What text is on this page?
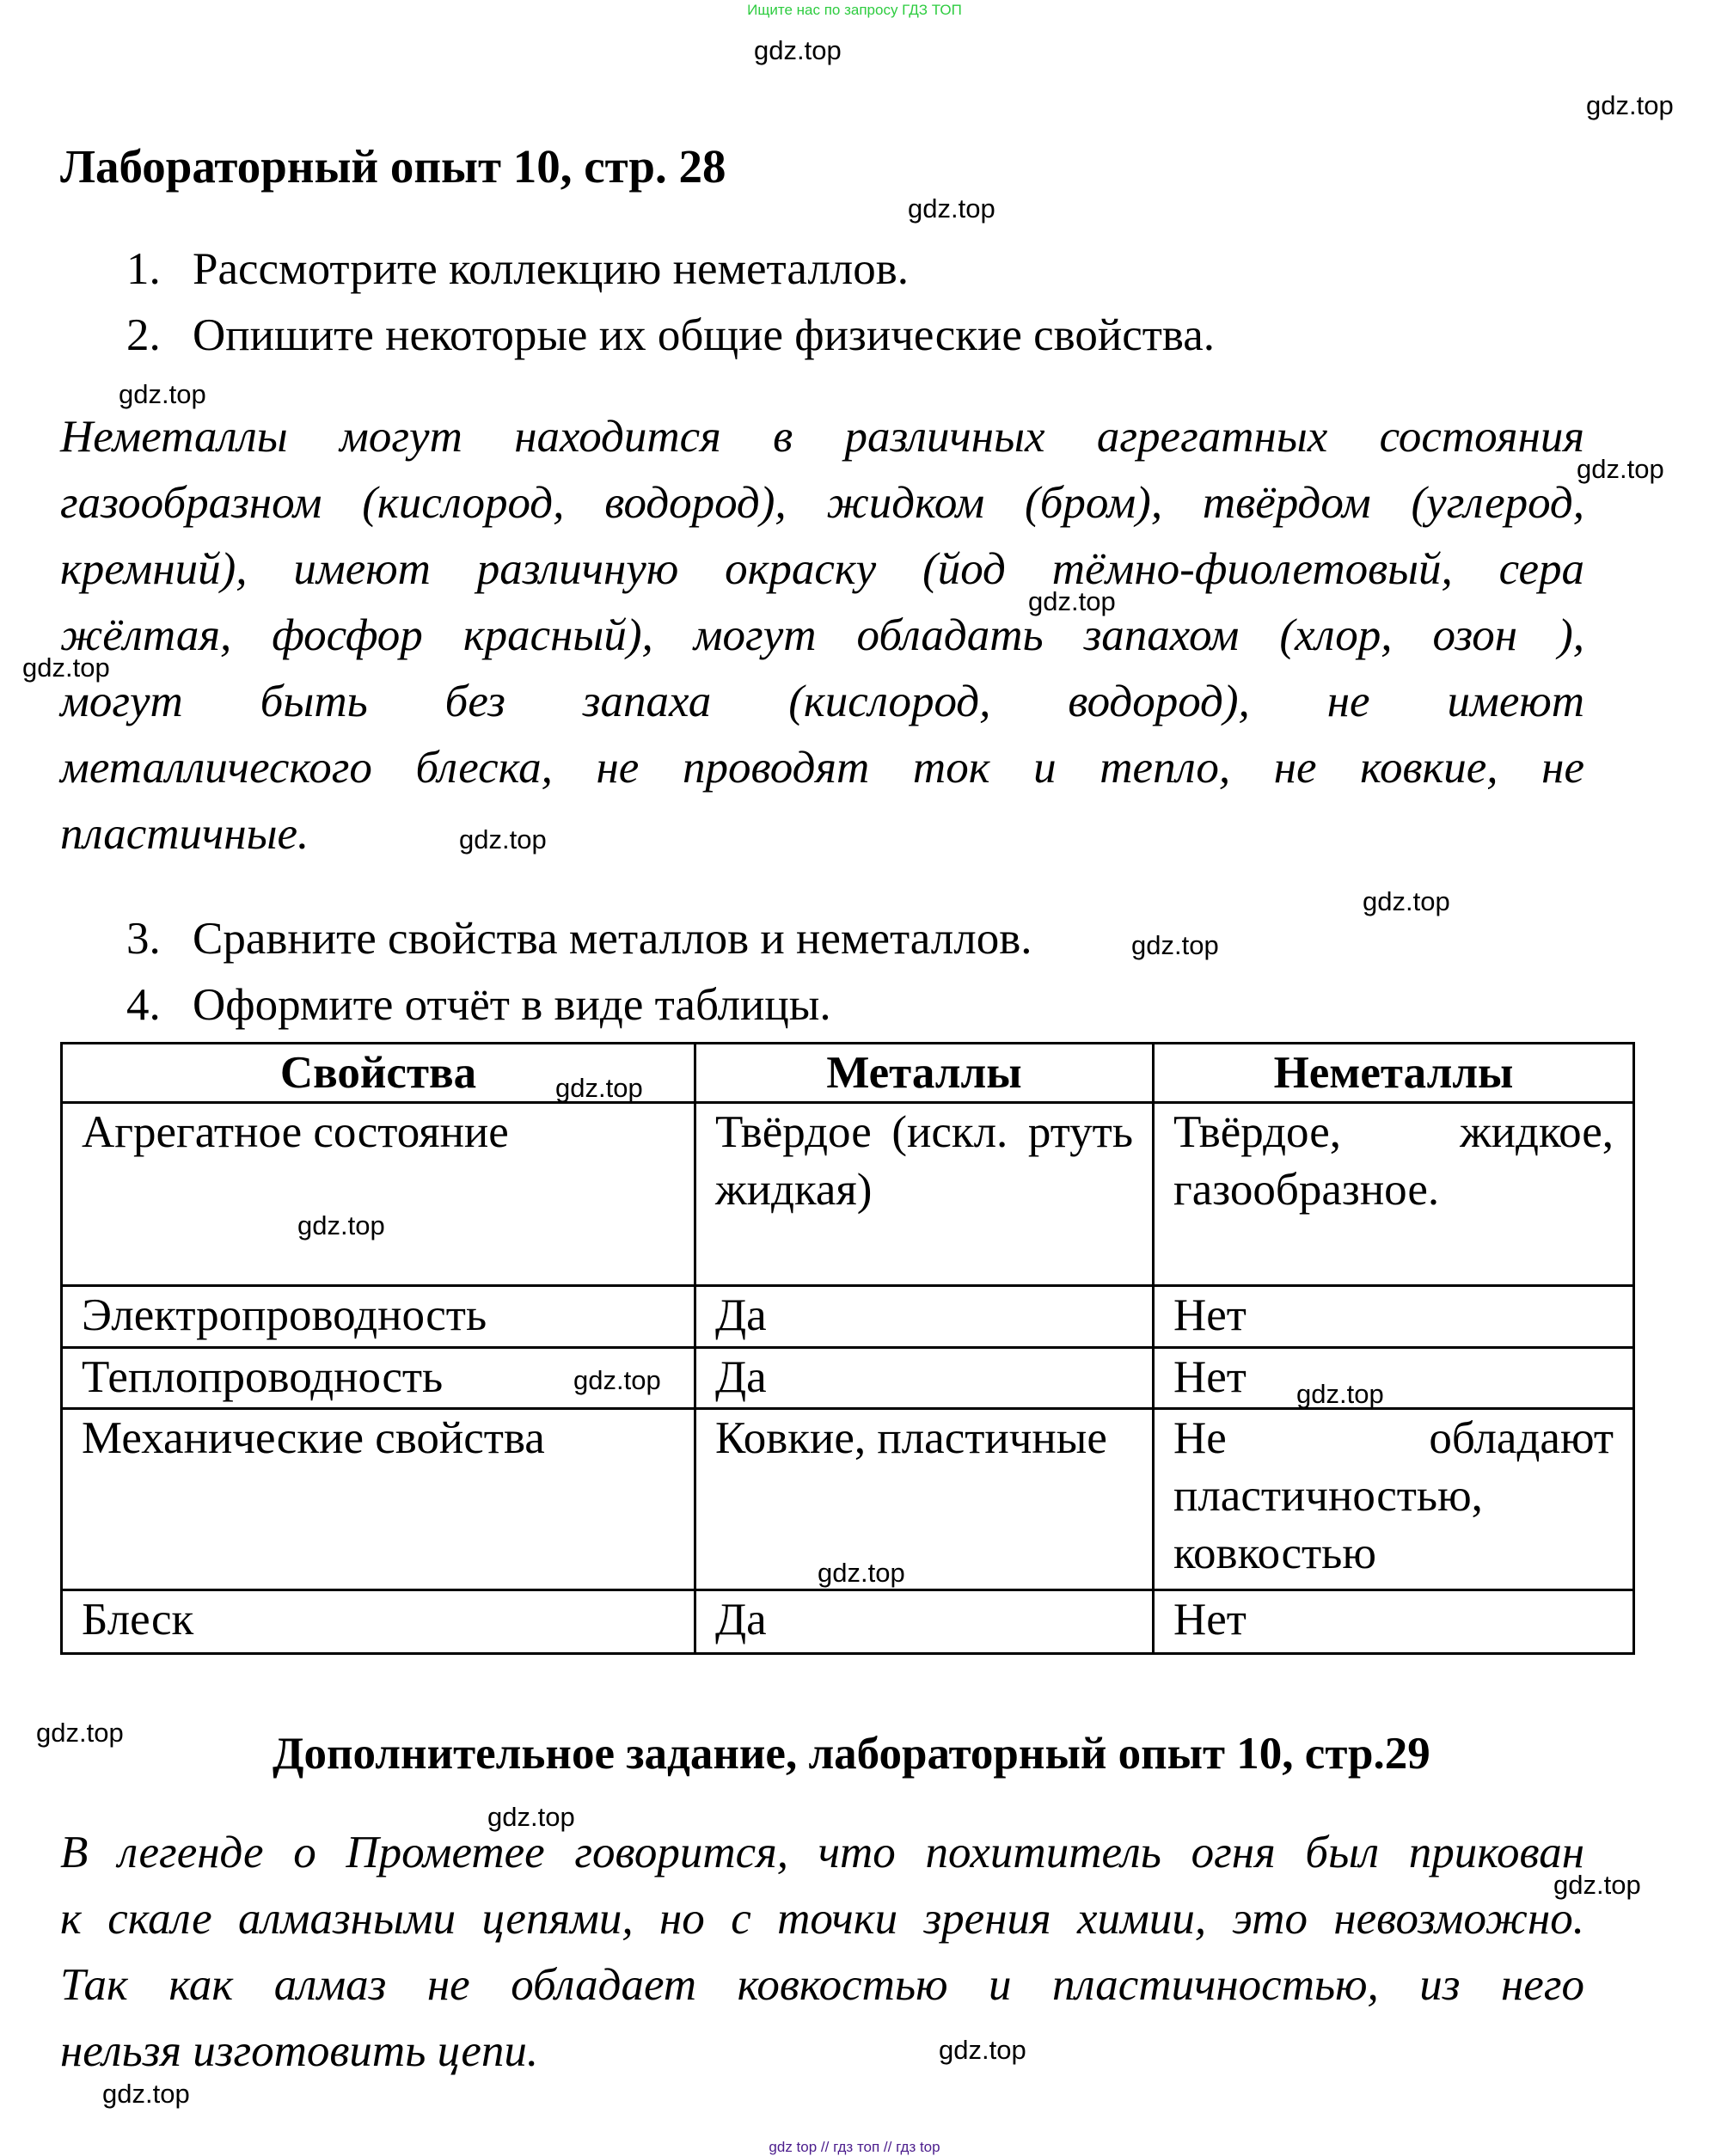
Ищите нас по запросу ГДЗ ТОП
Лабораторный опыт 10, стр. 28
1. Рассмотрите коллекцию неметаллов.
2. Опишите некоторые их общие физические свойства.
Неметаллы могут находится в различных агрегатных состояния
газообразном (кислород, водород), жидком (бром), твёрдом (углерод,
кремний), имеют различную окраску (йод тёмно-фиолетовый, сера
жёлтая, фосфор красный), могут обладать запахом (хлор, озон ),
могут быть без запаха (кислород, водород), не имеют
металлического блеска, не проводят ток и тепло, не ковкие, не
пластичные.
3. Сравните свойства металлов и неметаллов.
4. Оформите отчёт в виде таблицы.
Свойства	Металлы	Неметаллы
Агрегатное состояние	Твёрдое (искл. ртуть жидкая)	Твёрдое, жидкое, газообразное.
Электропроводность	Да	Нет
Теплопроводность	Да	Нет
Механические свойства	Ковкие, пластичные	Не обладают пластичностью, ковкостью
Блеск	Да	Нет
Дополнительное задание, лабораторный опыт 10, стр.29
В легенде о Прометее говорится, что похититель огня был прикован
к скале алмазными цепями, но с точки зрения химии, это невозможно.
Так как алмаз не обладает ковкостью и пластичностью, из него
нельзя изготовить цепи.
gdz.top
gdz.top
gdz.top
gdz.top
gdz.top
gdz.top
gdz.top
gdz.top
gdz.top
gdz.top
gdz.top
gdz.top
gdz.top	gdz.top
gdz.top
gdz.top
gdz.top
gdz.top
gdz.top
gdz.top
gdz top // гдз топ // гдз top
